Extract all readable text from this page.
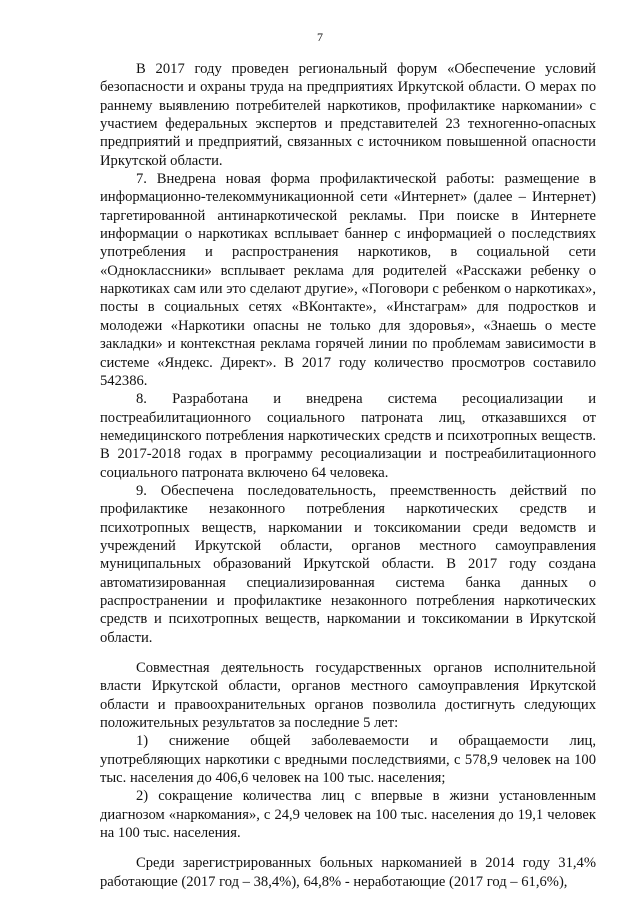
7

В 2017 году проведен региональный форум «Обеспечение условий безопасности и охраны труда на предприятиях Иркутской области. О мерах по раннему выявлению потребителей наркотиков, профилактике наркомании» с участием федеральных экспертов и представителей 23 техногенно-опасных предприятий и предприятий, связанных с источником повышенной опасности Иркутской области.

7. Внедрена новая форма профилактической работы: размещение в информационно-телекоммуникационной сети «Интернет» (далее – Интернет) таргетированной антинаркотической рекламы. При поиске в Интернете информации о наркотиках всплывает баннер с информацией о последствиях употребления и распространения наркотиков, в социальной сети «Одноклассники» всплывает реклама для родителей «Расскажи ребенку о наркотиках сам или это сделают другие», «Поговори с ребенком о наркотиках», посты в социальных сетях «ВКонтакте», «Инстаграм» для подростков и молодежи «Наркотики опасны не только для здоровья», «Знаешь о месте закладки» и контекстная реклама горячей линии по проблемам зависимости в системе «Яндекс. Директ». В 2017 году количество просмотров составило 542386.

8. Разработана и внедрена система ресоциализации и постреабилитационного социального патроната лиц, отказавшихся от немедицинского потребления наркотических средств и психотропных веществ. В 2017-2018 годах в программу ресоциализации и постреабилитационного социального патроната включено 64 человека.

9. Обеспечена последовательность, преемственность действий по профилактике незаконного потребления наркотических средств и психотропных веществ, наркомании и токсикомании среди ведомств и учреждений Иркутской области, органов местного самоуправления муниципальных образований Иркутской области. В 2017 году создана автоматизированная специализированная система банка данных о распространении и профилактике незаконного потребления наркотических средств и психотропных веществ, наркомании и токсикомании в Иркутской области.

Совместная деятельность государственных органов исполнительной власти Иркутской области, органов местного самоуправления Иркутской области и правоохранительных органов позволила достигнуть следующих положительных результатов за последние 5 лет:

1) снижение общей заболеваемости и обращаемости лиц, употребляющих наркотики с вредными последствиями, с 578,9 человек на 100 тыс. населения до 406,6 человек на 100 тыс. населения;

2) сокращение количества лиц с впервые в жизни установленным диагнозом «наркомания», с 24,9 человек на 100 тыс. населения до 19,1 человек на 100 тыс. населения.

Среди зарегистрированных больных наркоманией в 2014 году 31,4% работающие (2017 год – 38,4%), 64,8% - неработающие (2017 год – 61,6%),
